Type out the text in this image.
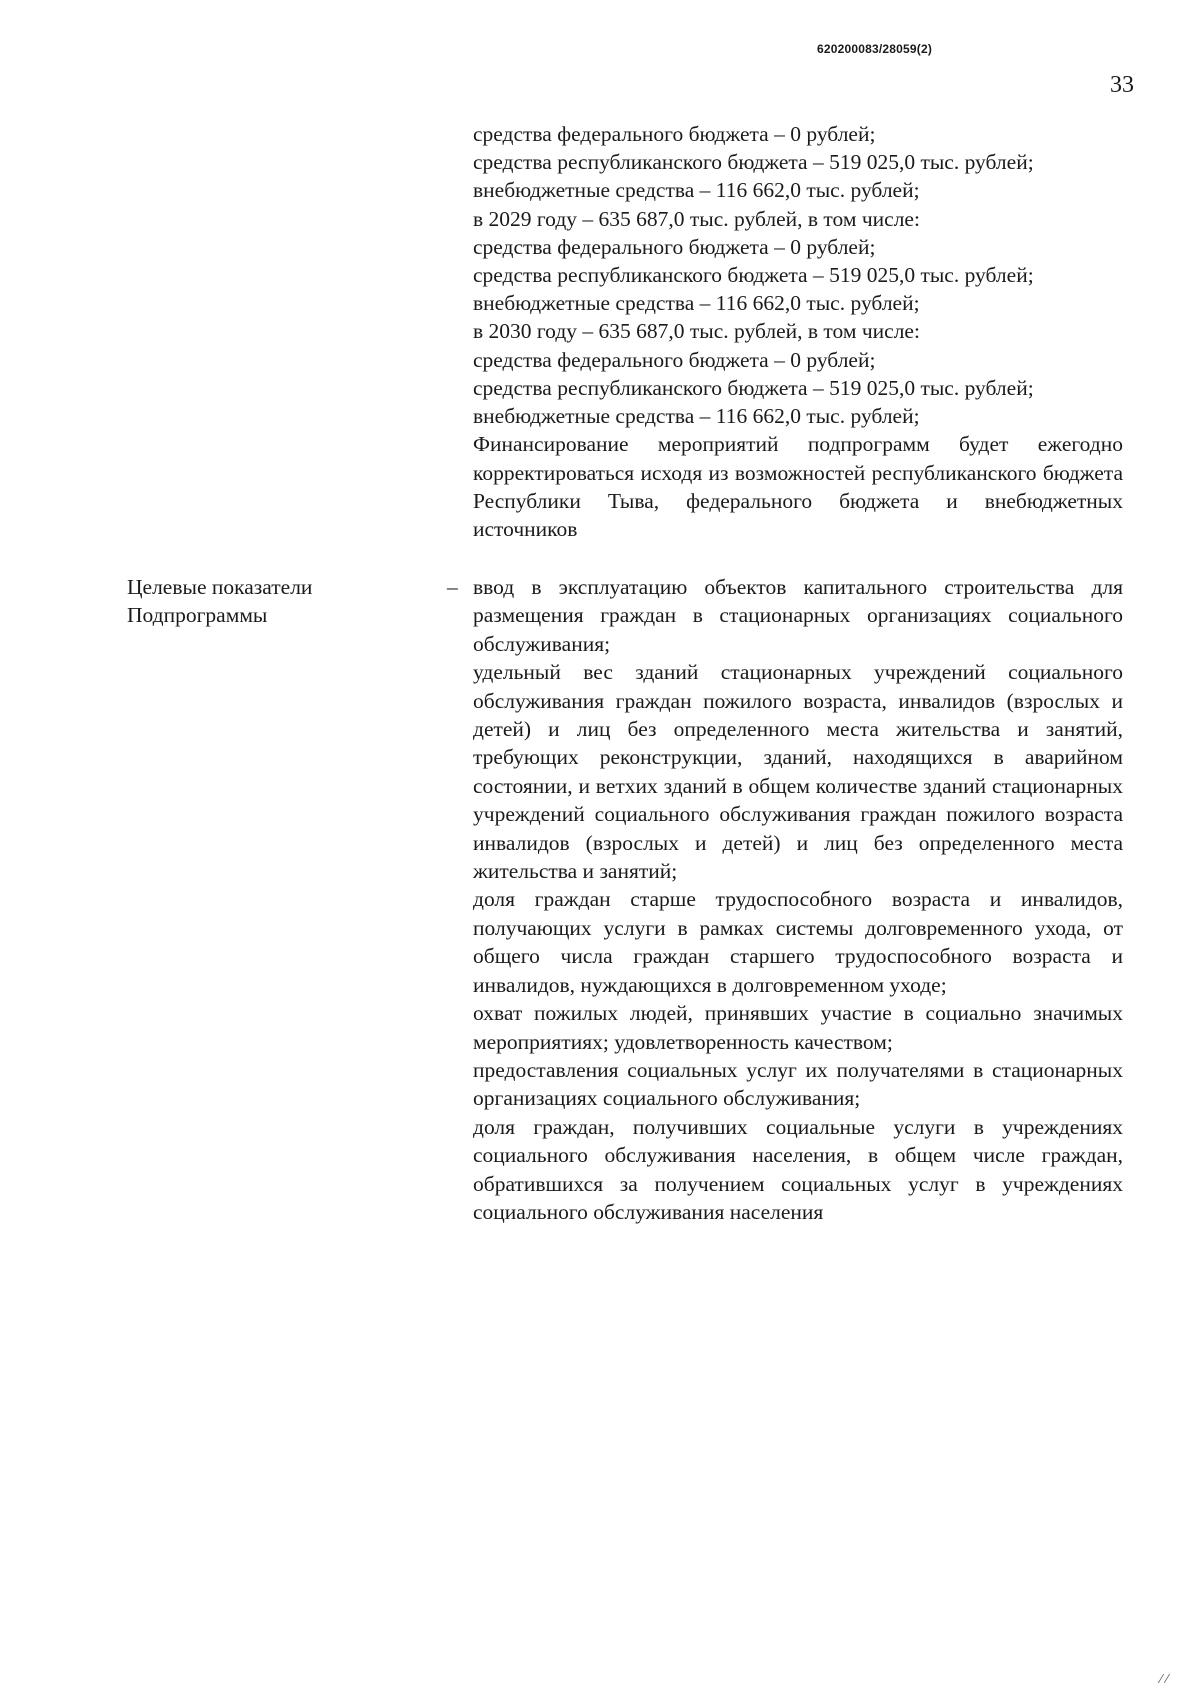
620200083/28059(2)
33
средства федерального бюджета – 0 рублей;
средства республиканского бюджета – 519 025,0 тыс. рублей;
внебюджетные средства – 116 662,0 тыс. рублей;
в 2029 году – 635 687,0 тыс. рублей, в том числе:
средства федерального бюджета – 0 рублей;
средства республиканского бюджета – 519 025,0 тыс. рублей;
внебюджетные средства – 116 662,0 тыс. рублей;
в 2030 году – 635 687,0 тыс. рублей, в том числе:
средства федерального бюджета – 0 рублей;
средства республиканского бюджета – 519 025,0 тыс. рублей;
внебюджетные средства – 116 662,0 тыс. рублей;
Финансирование мероприятий подпрограмм будет ежегодно корректироваться исходя из возможностей республиканского бюджета Республики Тыва, федерального бюджета и внебюджетных источников
Целевые показатели Подпрограммы
– ввод в эксплуатацию объектов капитального строительства для размещения граждан в стационарных организациях социального обслуживания;

удельный вес зданий стационарных учреждений социального обслуживания граждан пожилого возраста, инвалидов (взрослых и детей) и лиц без определенного места жительства и занятий, требующих реконструкции, зданий, находящихся в аварийном состоянии, и ветхих зданий в общем количестве зданий стационарных учреждений социального обслуживания граждан пожилого возраста инвалидов (взрослых и детей) и лиц без определенного места жительства и занятий;

доля граждан старше трудоспособного возраста и инвалидов, получающих услуги в рамках системы долговременного ухода, от общего числа граждан старшего трудоспособного возраста и инвалидов, нуждающихся в долговременном уходе;

охват пожилых людей, принявших участие в социально значимых мероприятиях; удовлетворенность качеством;

предоставления социальных услуг их получателями в стационарных организациях социального обслуживания;

доля граждан, получивших социальные услуги в учреждениях социального обслуживания населения, в общем числе граждан, обратившихся за получением социальных услуг в учреждениях социального обслуживания населения

⁄ ⁄
